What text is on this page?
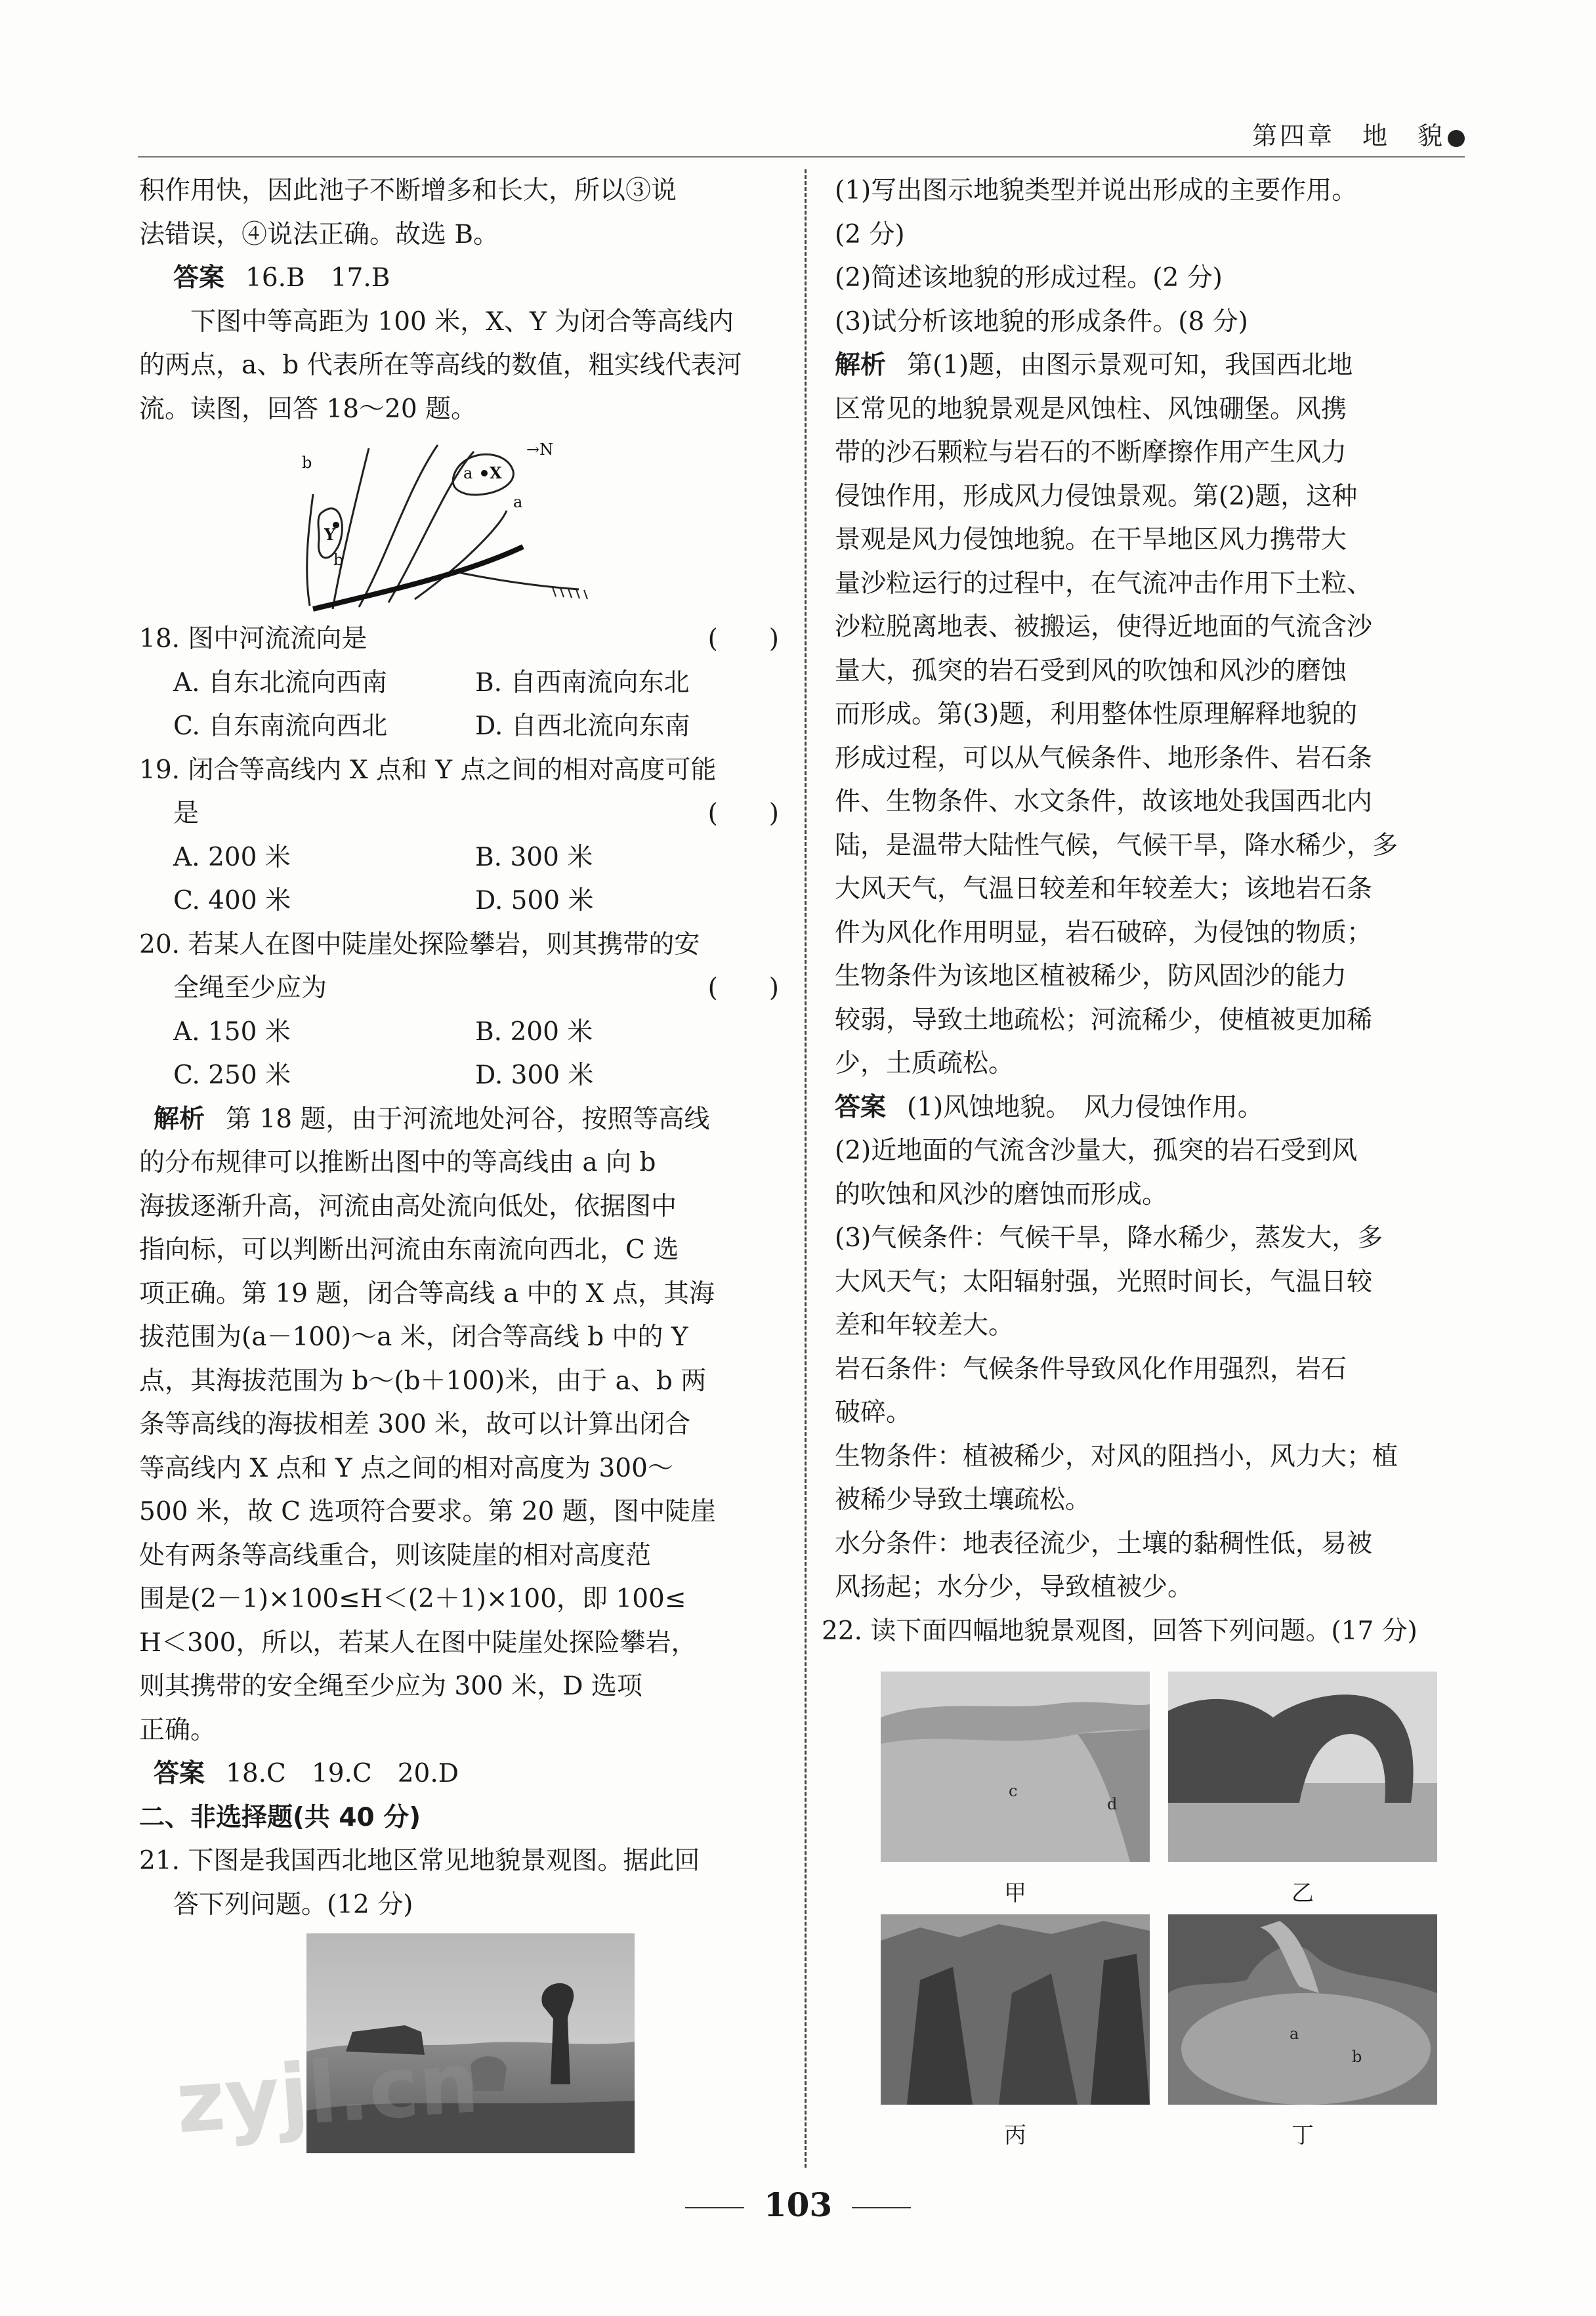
第四章　地　貌

积作用快，因此池子不断增多和长大，所以③说

法错误，④说法正确。故选 B。

答案 16.B　17.B

下图中等高距为 100 米，X、Y 为闭合等高线内

的两点，a、b 代表所在等高线的数值，粗实线代表河

流。读图，回答 18～20 题。

b
Y
b
a X
a
→N

18. 图中河流流向是	(　　)

A. 自东北流向西南	B. 自西南流向东北
C. 自东南流向西北	D. 自西北流向东南

19. 闭合等高线内 X 点和 Y 点之间的相对高度可能

是	(　　)

A. 200 米	B. 300 米
C. 400 米	D. 500 米

20. 若某人在图中陡崖处探险攀岩，则其携带的安

全绳至少应为	(　　)

A. 150 米	B. 200 米
C. 250 米	D. 300 米

解析 第 18 题，由于河流地处河谷，按照等高线

的分布规律可以推断出图中的等高线由 a 向 b

海拔逐渐升高，河流由高处流向低处，依据图中

指向标，可以判断出河流由东南流向西北，C 选

项正确。第 19 题，闭合等高线 a 中的 X 点，其海

拔范围为(a－100)～a 米，闭合等高线 b 中的 Y

点，其海拔范围为 b～(b＋100)米，由于 a、b 两

条等高线的海拔相差 300 米，故可以计算出闭合

等高线内 X 点和 Y 点之间的相对高度为 300～

500 米，故 C 选项符合要求。第 20 题，图中陡崖

处有两条等高线重合，则该陡崖的相对高度范

围是(2－1)×100≤H＜(2＋1)×100，即 100≤

H＜300，所以，若某人在图中陡崖处探险攀岩，

则其携带的安全绳至少应为 300 米，D 选项

正确。

答案 18.C　19.C　20.D

二、非选择题(共 40 分)

21. 下图是我国西北地区常见地貌景观图。据此回

答下列问题。(12 分)

(1)写出图示地貌类型并说出形成的主要作用。

(2 分)

(2)简述该地貌的形成过程。(2 分)

(3)试分析该地貌的形成条件。(8 分)

解析 第(1)题，由图示景观可知，我国西北地

区常见的地貌景观是风蚀柱、风蚀硼堡。风携

带的沙石颗粒与岩石的不断摩擦作用产生风力

侵蚀作用，形成风力侵蚀景观。第(2)题，这种

景观是风力侵蚀地貌。在干旱地区风力携带大

量沙粒运行的过程中，在气流冲击作用下土粒、

沙粒脱离地表、被搬运，使得近地面的气流含沙

量大，孤突的岩石受到风的吹蚀和风沙的磨蚀

而形成。第(3)题，利用整体性原理解释地貌的

形成过程，可以从气候条件、地形条件、岩石条

件、生物条件、水文条件，故该地处我国西北内

陆，是温带大陆性气候，气候干旱，降水稀少，多

大风天气，气温日较差和年较差大；该地岩石条

件为风化作用明显，岩石破碎，为侵蚀的物质；

生物条件为该地区植被稀少，防风固沙的能力

较弱，导致土地疏松；河流稀少，使植被更加稀

少，土质疏松。

答案 (1)风蚀地貌。　风力侵蚀作用。

(2)近地面的气流含沙量大，孤突的岩石受到风

的吹蚀和风沙的磨蚀而形成。

(3)气候条件：气候干旱，降水稀少，蒸发大，多

大风天气；太阳辐射强，光照时间长，气温日较

差和年较差大。

岩石条件：气候条件导致风化作用强烈，岩石

破碎。

生物条件：植被稀少，对风的阻挡小，风力大；植

被稀少导致土壤疏松。

水分条件：地表径流少，土壤的黏稠性低，易被

风扬起；水分少，导致植被少。

22. 读下面四幅地貌景观图，回答下列问题。(17 分)

c
d
甲	乙
丙
a
b
丁
zyjl.cn
103
